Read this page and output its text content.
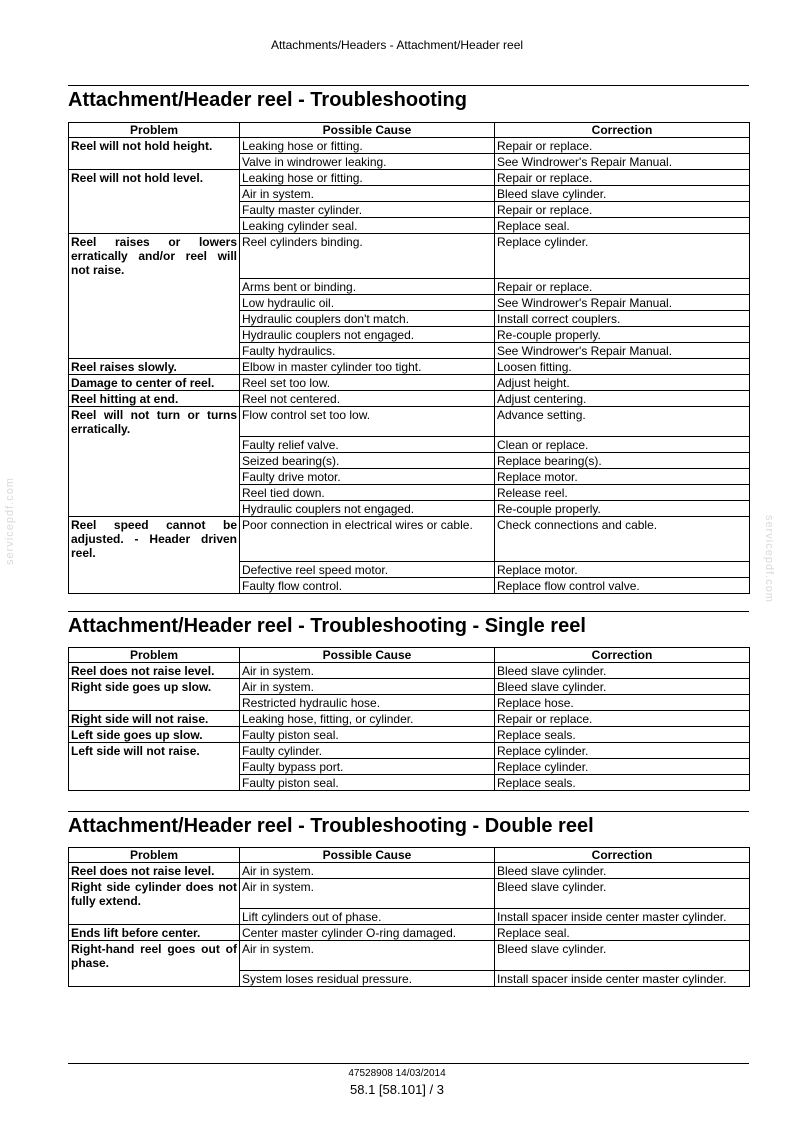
Attachments/Headers - Attachment/Header reel
Attachment/Header reel - Troubleshooting
Problem	Possible Cause	Correction
Reel will not hold height.	Leaking hose or fitting.	Repair or replace.
	Valve in windrower leaking.	See Windrower's Repair Manual.
Reel will not hold level.	Leaking hose or fitting.	Repair or replace.
	Air in system.	Bleed slave cylinder.
	Faulty master cylinder.	Repair or replace.
	Leaking cylinder seal.	Replace seal.
Reel raises or lowers erratically and/or reel will not raise.	Reel cylinders binding.	Replace cylinder.
	Arms bent or binding.	Repair or replace.
	Low hydraulic oil.	See Windrower's Repair Manual.
	Hydraulic couplers don't match.	Install correct couplers.
	Hydraulic couplers not engaged.	Re-couple properly.
	Faulty hydraulics.	See Windrower's Repair Manual.
Reel raises slowly.	Elbow in master cylinder too tight.	Loosen fitting.
Damage to center of reel.	Reel set too low.	Adjust height.
Reel hitting at end.	Reel not centered.	Adjust centering.
Reel will not turn or turns erratically.	Flow control set too low.	Advance setting.
	Faulty relief valve.	Clean or replace.
	Seized bearing(s).	Replace bearing(s).
	Faulty drive motor.	Replace motor.
	Reel tied down.	Release reel.
	Hydraulic couplers not engaged.	Re-couple properly.
Reel speed cannot be adjusted. - Header driven reel.	Poor connection in electrical wires or cable.	Check connections and cable.
	Defective reel speed motor.	Replace motor.
	Faulty flow control.	Replace flow control valve.
Attachment/Header reel - Troubleshooting - Single reel
Problem	Possible Cause	Correction
Reel does not raise level.	Air in system.	Bleed slave cylinder.
Right side goes up slow.	Air in system.	Bleed slave cylinder.
	Restricted hydraulic hose.	Replace hose.
Right side will not raise.	Leaking hose, fitting, or cylinder.	Repair or replace.
Left side goes up slow.	Faulty piston seal.	Replace seals.
Left side will not raise.	Faulty cylinder.	Replace cylinder.
	Faulty bypass port.	Replace cylinder.
	Faulty piston seal.	Replace seals.
Attachment/Header reel - Troubleshooting - Double reel
Problem	Possible Cause	Correction
Reel does not raise level.	Air in system.	Bleed slave cylinder.
Right side cylinder does not fully extend.	Air in system.	Bleed slave cylinder.
	Lift cylinders out of phase.	Install spacer inside center master cylinder.
Ends lift before center.	Center master cylinder O-ring damaged.	Replace seal.
Right-hand reel goes out of phase.	Air in system.	Bleed slave cylinder.
	System loses residual pressure.	Install spacer inside center master cylinder.
servicepdf.com	servicepdf.com
47528908 14/03/2014
58.1 [58.101] / 3
